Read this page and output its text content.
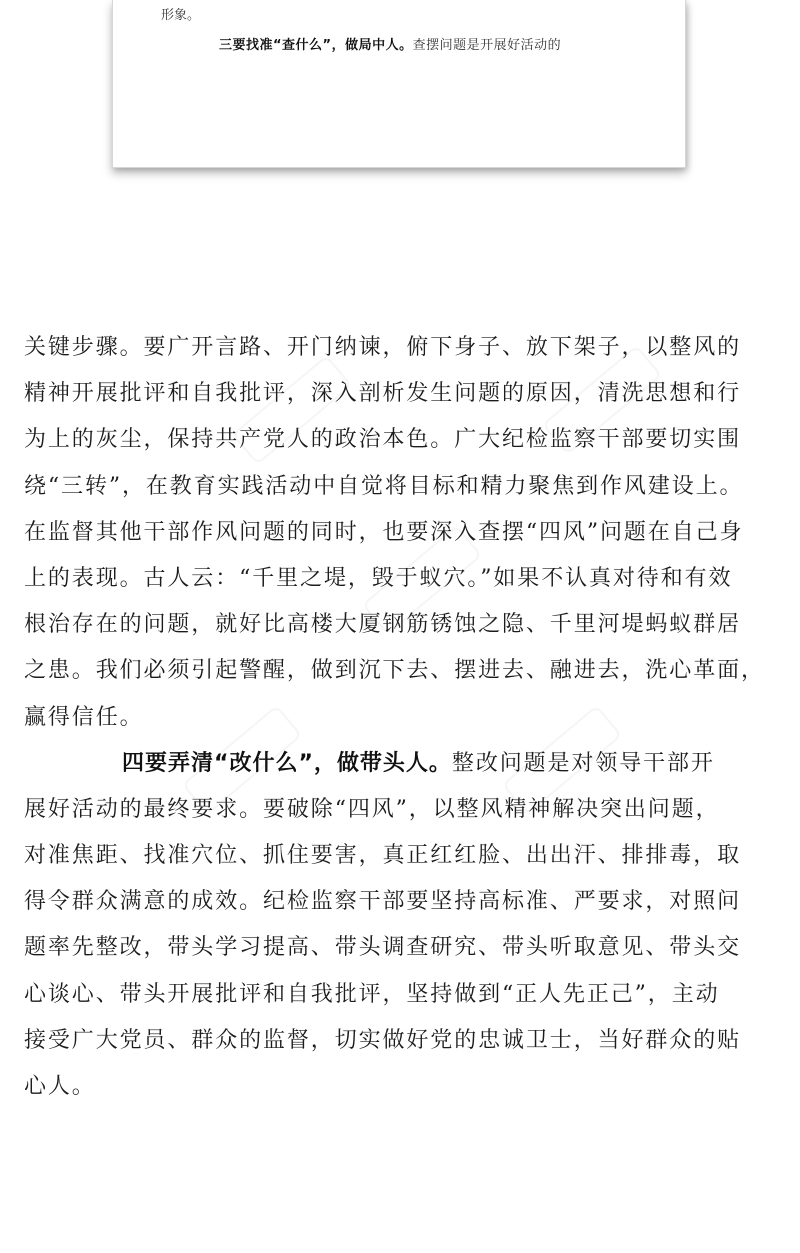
形象。
三要找准“查什么”，做局中人。查摆问题是开展好活动的
关键步骤。要广开言路、开门纳谏，俯下身子、放下架子，以整风的
精神开展批评和自我批评，深入剖析发生问题的原因，清洗思想和行
为上的灰尘，保持共产党人的政治本色。广大纪检监察干部要切实围
绕“三转”，在教育实践活动中自觉将目标和精力聚焦到作风建设上。
在监督其他干部作风问题的同时，也要深入查摆“四风”问题在自己身
上的表现。古人云：“千里之堤，毁于蚁穴。”如果不认真对待和有效
根治存在的问题，就好比高楼大厦钢筋锈蚀之隐、千里河堤蚂蚁群居
之患。我们必须引起警醒，做到沉下去、摆进去、融进去，洗心革面，
赢得信任。
四要弄清“改什么”，做带头人。整改问题是对领导干部开
展好活动的最终要求。要破除“四风”，以整风精神解决突出问题，
对准焦距、找准穴位、抓住要害，真正红红脸、出出汗、排排毒，取
得令群众满意的成效。纪检监察干部要坚持高标准、严要求，对照问
题率先整改，带头学习提高、带头调查研究、带头听取意见、带头交
心谈心、带头开展批评和自我批评，坚持做到“正人先正己”，主动
接受广大党员、群众的监督，切实做好党的忠诚卫士，当好群众的贴
心人。
